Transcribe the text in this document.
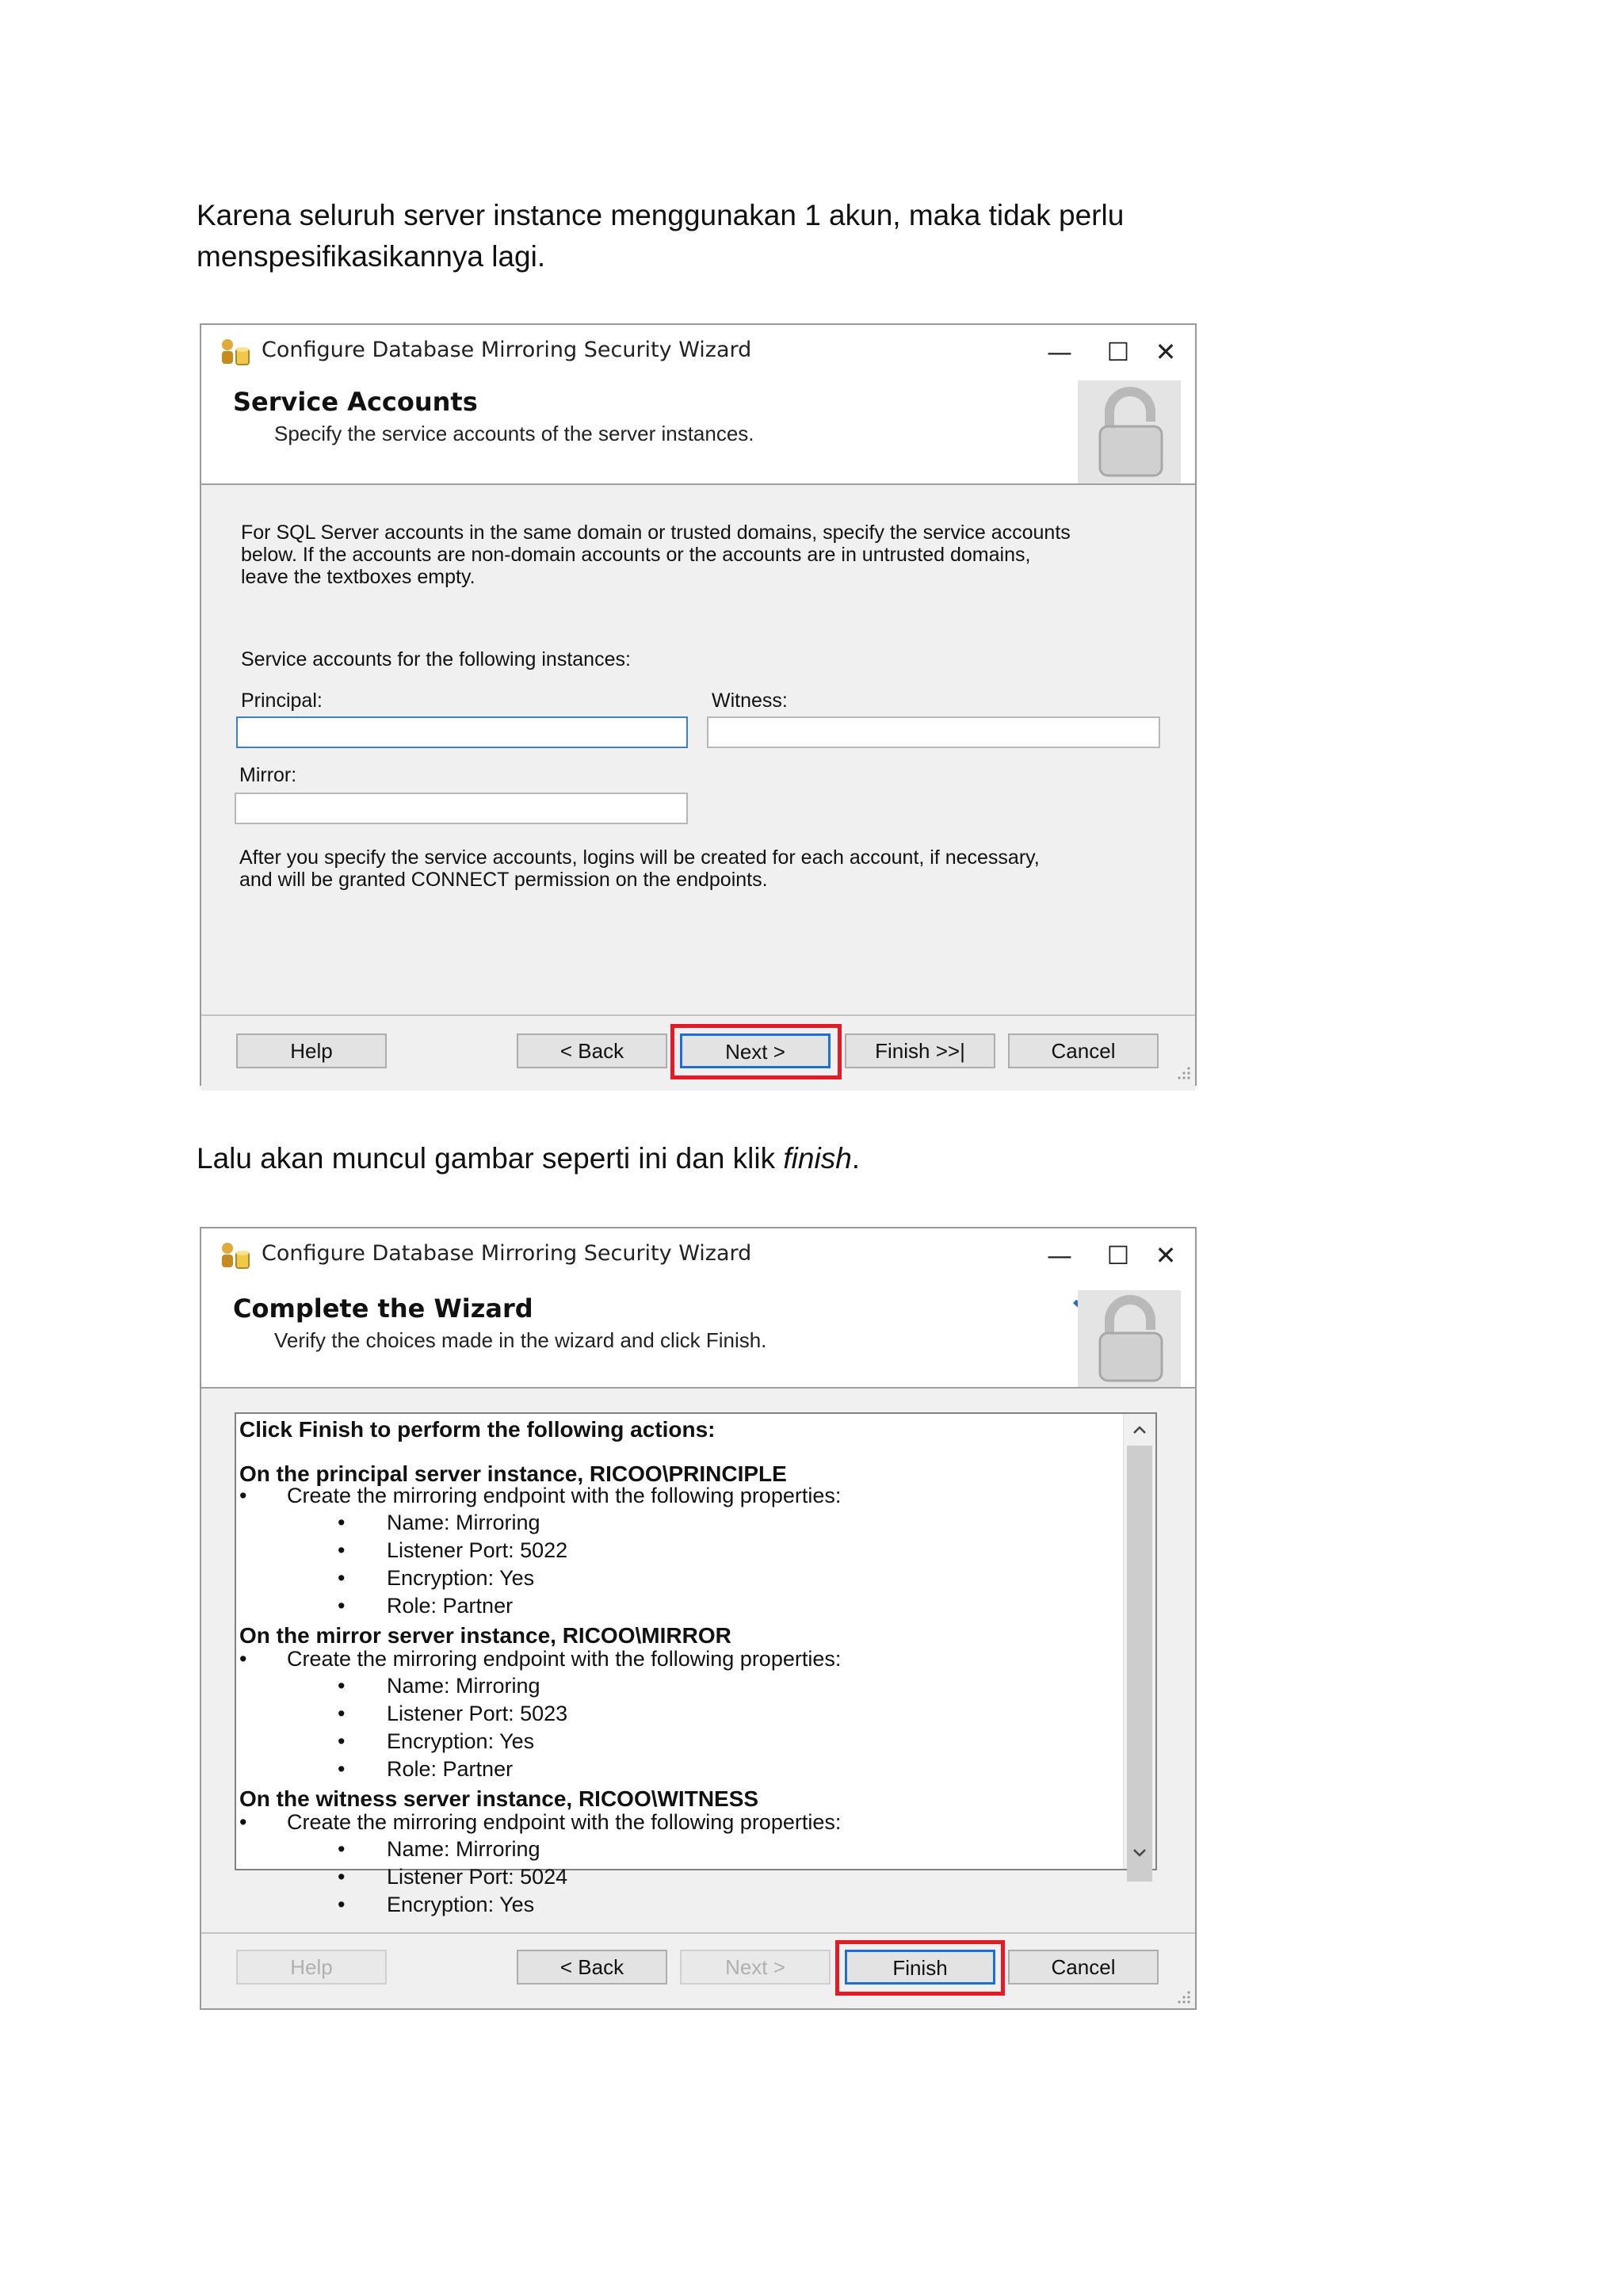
Karena seluruh server instance menggunakan 1 akun, maka tidak perlu
menspesifikasikannya lagi.
Configure Database Mirroring Security Wizard	— ☐ ✕
Service Accounts
Specify the service accounts of the server instances.
For SQL Server accounts in the same domain or trusted domains, specify the service accounts
below. If the accounts are non-domain accounts or the accounts are in untrusted domains,
leave the textboxes empty.
Service accounts for the following instances:
Principal:	Witness:
Mirror:
After you specify the service accounts, logins will be created for each account, if necessary,
and will be granted CONNECT permission on the endpoints.
Help	< Back	Next >	Finish >>|	Cancel
Lalu akan muncul gambar seperti ini dan klik finish.
Configure Database Mirroring Security Wizard	— ☐ ✕
Complete the Wizard
Verify the choices made in the wizard and click Finish.
Click Finish to perform the following actions:
On the principal server instance, RICOO\PRINCIPLE
• Create the mirroring endpoint with the following properties:
• Name: Mirroring
• Listener Port: 5022
• Encryption: Yes
• Role: Partner
On the mirror server instance, RICOO\MIRROR
• Create the mirroring endpoint with the following properties:
• Name: Mirroring
• Listener Port: 5023
• Encryption: Yes
• Role: Partner
On the witness server instance, RICOO\WITNESS
• Create the mirroring endpoint with the following properties:
• Name: Mirroring
• Listener Port: 5024
• Encryption: Yes
Help	< Back	Next >	Finish	Cancel
